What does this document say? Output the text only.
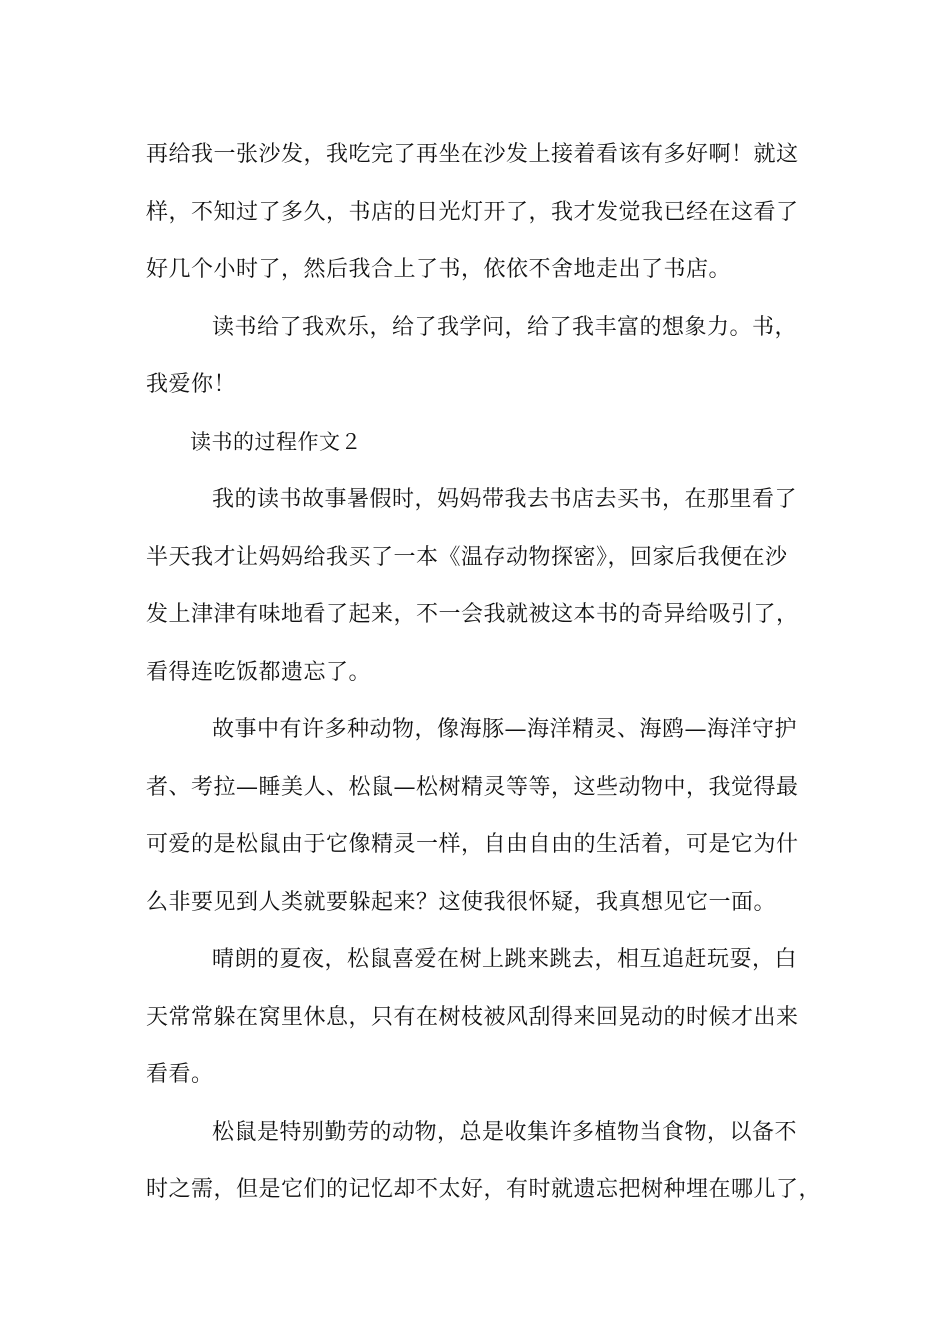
再给我一张沙发，我吃完了再坐在沙发上接着看该有多好啊！就这
样，不知过了多久，书店的日光灯开了，我才发觉我已经在这看了
好几个小时了，然后我合上了书，依依不舍地走出了书店。
读书给了我欢乐，给了我学问，给了我丰富的想象力。书，
我爱你！
读书的过程作文２
我的读书故事暑假时，妈妈带我去书店去买书，在那里看了
半天我才让妈妈给我买了一本《温存动物探密》，回家后我便在沙
发上津津有味地看了起来，不一会我就被这本书的奇异给吸引了，
看得连吃饭都遗忘了。
故事中有许多种动物，像海豚—海洋精灵、海鸥—海洋守护
者、考拉—睡美人、松鼠—松树精灵等等，这些动物中，我觉得最
可爱的是松鼠由于它像精灵一样，自由自由的生活着，可是它为什
么非要见到人类就要躲起来？这使我很怀疑，我真想见它一面。
晴朗的夏夜，松鼠喜爱在树上跳来跳去，相互追赶玩耍，白
天常常躲在窝里休息，只有在树枝被风刮得来回晃动的时候才出来
看看。
松鼠是特别勤劳的动物，总是收集许多植物当食物，以备不
时之需，但是它们的记忆却不太好，有时就遗忘把树种埋在哪儿了，
